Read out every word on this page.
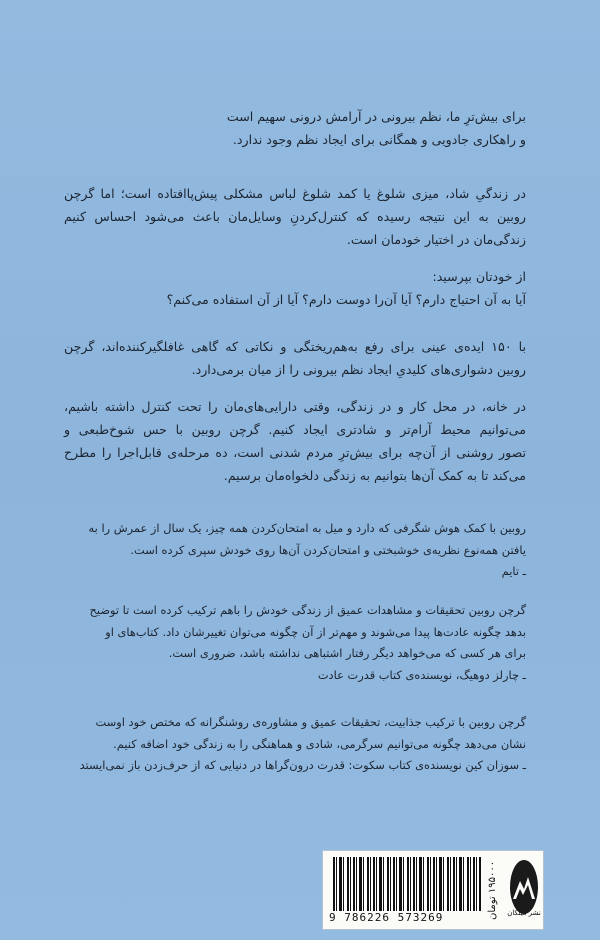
برای بیش‌ترِ ما، نظم بیرونی در آرامش درونی سهیم است
و راهکاری جادویی و همگانی برای ایجاد نظم وجود ندارد.

در زندگیِ شاد، میزی شلوغ یا کمد شلوغ لباس مشکلی پیش‌پاافتاده است؛ اما گرچن
روبین به این نتیجه رسیده که کنترل‌کردنِ وسایل‌مان باعث می‌شود احساس کنیم
زندگی‌مان در اختیار خودمان است.

از خودتان بپرسید:
آیا به آن احتیاج دارم؟ آیا آن‌را دوست دارم؟ آیا از آن استفاده می‌کنم؟

با ۱۵۰ ایده‌ی عینی برای رفع به‌هم‌ریختگی و نکاتی که گاهی غافلگیرکننده‌اند، گرچن
روبین دشواری‌های کلیدیِ ایجاد نظم بیرونی را از میان برمی‌دارد.

در خانه، در محل کار و در زندگی، وقتی دارایی‌های‌مان را تحت کنترل داشته باشیم،
می‌توانیم محیط آرام‌تر و شادتری ایجاد کنیم. گرچن روبین با حس شوخ‌طبعی و
تصور روشنی از آن‌چه برای بیش‌ترِ مردم شدنی است، ده مرحله‌ی قابل‌اجرا را مطرح
می‌کند تا به کمک آن‌ها بتوانیم به زندگی دلخواه‌مان برسیم.

روبین با کمک هوش شگرفی که دارد و میل به امتحان‌کردن همه چیز، یک سال از عمرش را به
یافتن همه‌نوع نظریه‌ی خوشبختی و امتحان‌کردن آن‌ها روی خودش سپری کرده است.
ـ تایم

گرچن روبین تحقیقات و مشاهدات عمیق از زندگی خودش را باهم ترکیب کرده است تا توضیح
بدهد چگونه عادت‌ها پیدا می‌شوند و مهم‌تر از آن چگونه می‌توان تغییرشان داد. کتاب‌های او
برای هر کسی که می‌خواهد دیگر رفتار اشتباهی نداشته باشد، ضروری است.
ـ چارلز دوهیگ، نویسنده‌ی کتاب قدرت عادت

گرچن روبین با ترکیب جذابیت، تحقیقات عمیق و مشاوره‌ی روشنگرانه که مختص خود اوست
نشان می‌دهد چگونه می‌توانیم سرگرمی، شادی و هماهنگی را به زندگی خود اضافه کنیم.
ـ سوزان کین نویسنده‌ی کتاب سکوت: قدرت درون‌گراها در دنیایی که از حرف‌زدن باز نمی‌ایستد

9 786226 573269	۱۹۵۰۰۰ تومان
نشر میلکان
